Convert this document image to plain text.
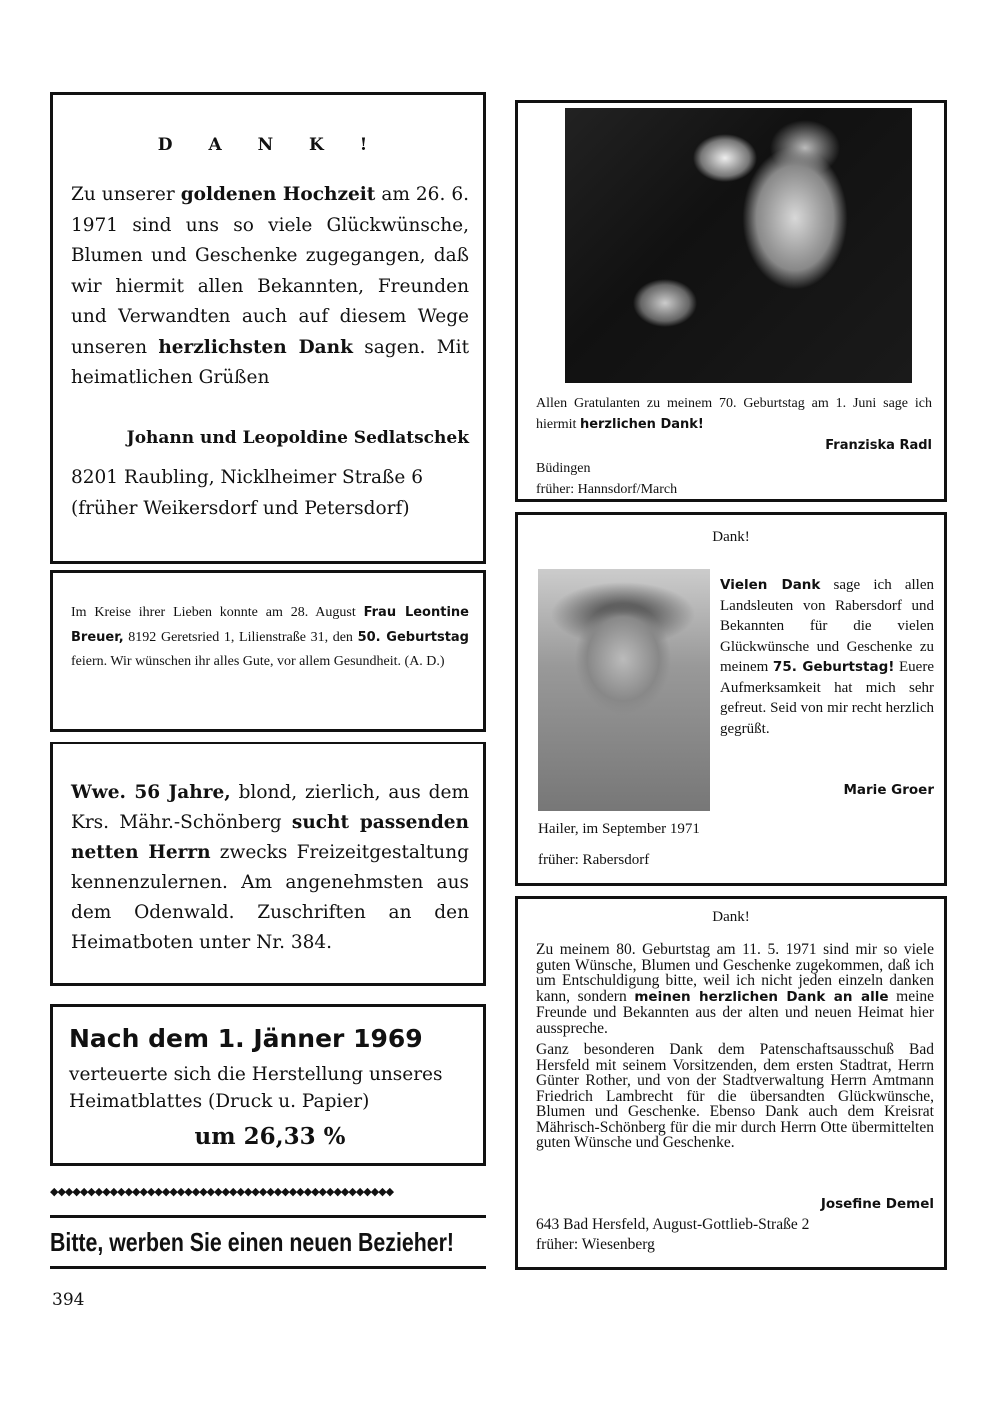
D A N K !
Zu unserer goldenen Hochzeit am 26. 6. 1971 sind uns so viele Glückwünsche, Blumen und Geschenke zugegangen, daß wir hiermit allen Bekannten, Freunden und Verwandten auch auf diesem Wege unseren herzlichsten Dank sagen. Mit heimatlichen Grüßen
Johann und Leopoldine Sedlatschek
8201 Raubling, Nicklheimer Straße 6
(früher Weikersdorf und Petersdorf)
Im Kreise ihrer Lieben konnte am 28. August Frau Leontine Breuer, 8192 Geretsried 1, Lilienstraße 31, den 50. Geburtstag feiern. Wir wünschen ihr alles Gute, vor allem Gesundheit. (A. D.)
Wwe. 56 Jahre, blond, zierlich, aus dem Krs. Mähr.-Schönberg sucht passenden netten Herrn zwecks Freizeitgestaltung kennenzulernen. Am angenehmsten aus dem Odenwald. Zuschriften an den Heimatboten unter Nr. 384.
Nach dem 1. Jänner 1969
verteuerte sich die Herstellung unseres Heimatblattes (Druck u. Papier)
um 26,33 %
◆◆◆◆◆◆◆◆◆◆◆◆◆◆◆◆◆◆◆◆◆◆◆◆◆◆◆◆◆◆◆◆◆◆◆◆◆◆◆◆◆◆◆◆◆◆
Bitte, werben Sie einen neuen Bezieher!
394
Allen Gratulanten zu meinem 70. Geburtstag am 1. Juni sage ich hiermit herzlichen Dank!
Franziska Radl
Büdingen
früher: Hannsdorf/March
Dank!
Vielen Dank sage ich allen Landsleuten von Rabersdorf und Bekannten für die vielen Glückwünsche und Geschenke zu meinem 75. Geburtstag! Euere Aufmerksamkeit hat mich sehr gefreut. Seid von mir recht herzlich gegrüßt.
Marie Groer
Hailer, im September 1971
früher: Rabersdorf
Dank!

Zu meinem 80. Geburtstag am 11. 5. 1971 sind mir so viele guten Wünsche, Blumen und Geschenke zugekommen, daß ich um Entschuldigung bitte, weil ich nicht jeden einzeln danken kann, sondern meinen herzlichen Dank an alle meine Freunde und Bekannten aus der alten und neuen Heimat hier ausspreche.

Ganz besonderen Dank dem Patenschaftsausschuß Bad Hersfeld mit seinem Vorsitzenden, dem ersten Stadtrat, Herrn Günter Rother, und von der Stadtverwaltung Herrn Amtmann Friedrich Lambrecht für die übersandten Glückwünsche, Blumen und Geschenke. Ebenso Dank auch dem Kreisrat Mährisch-Schönberg für die mir durch Herrn Otte übermittelten guten Wünsche und Geschenke.

Josefine Demel
643 Bad Hersfeld, August-Gottlieb-Straße 2
früher: Wiesenberg
